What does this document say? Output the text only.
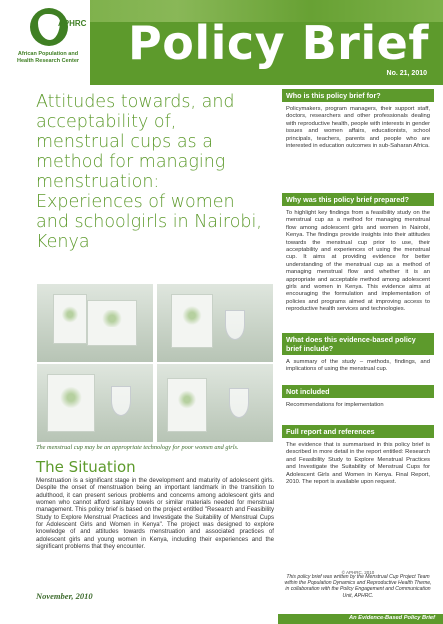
APHRC
African Population and
Health Research Center Policy Brief
No. 21, 2010
Attitudes towards, and acceptability of, menstrual cups as a method for managing menstruation: Experiences of women and schoolgirls in Nairobi, Kenya
The menstrual cup may be an appropriate technology for poor women and girls.
The Situation
Menstruation is a significant stage in the development and maturity of adolescent girls. Despite the onset of menstruation being an important landmark in the transition to adulthood, it can present serious problems and concerns among adolescent girls and women who cannot afford sanitary towels or similar materials needed for menstrual management. This policy brief is based on the project entitled "Research and Feasibility Study to Explore Menstrual Practices and Investigate the Suitability of Menstrual Cups for Adolescent Girls and Women in Kenya". The project was designed to explore knowledge of and attitudes towards menstruation and associated practices of adolescent girls and young women in Kenya, including their experiences and the significant problems that they encounter.
November, 2010
Who is this policy brief for?
Policymakers, program managers, their support staff, doctors, researchers and other professionals dealing with reproductive health, people with interests in gender issues and women affairs, educationists, school principals, teachers, parents and people who are interested in education outcomes in sub-Saharan Africa.
Why was this policy brief prepared?
To highlight key findings from a feasibility study on the menstrual cup as a method for managing menstrual flow among adolescent girls and women in Nairobi, Kenya. The findings provide insights into their attitudes towards the menstrual cup prior to use, their acceptability and experiences of using the menstrual cup. It aims at providing evidence for better understanding of the menstrual cup as a method of managing menstrual flow and whether it is an appropriate and acceptable method among adolescent girls and women in Kenya. This evidence aims at encouraging the formulation and implementation of policies and programs aimed at improving access to reproductive health services and technologies.
What does this evidence-based policy brief include?
A summary of the study – methods, findings, and implications of using the menstrual cup.
Not included
Recommendations for implementation
Full report and references
The evidence that is summarised in this policy brief is described in more detail in the report entitled: Research and Feasibility Study to Explore Menstrual Practices and Investigate the Suitability of Menstrual Cups for Adolescent Girls and Women in Kenya. Final Report, 2010. The report is available upon request.
© APHRC, 2010
This policy brief was written by the Menstrual Cup Project Team within the Population Dynamics and Reproductive Health Theme, in collaboration with the Policy Engagement and Communication Unit, APHRC.
An Evidence-Based Policy Brief
